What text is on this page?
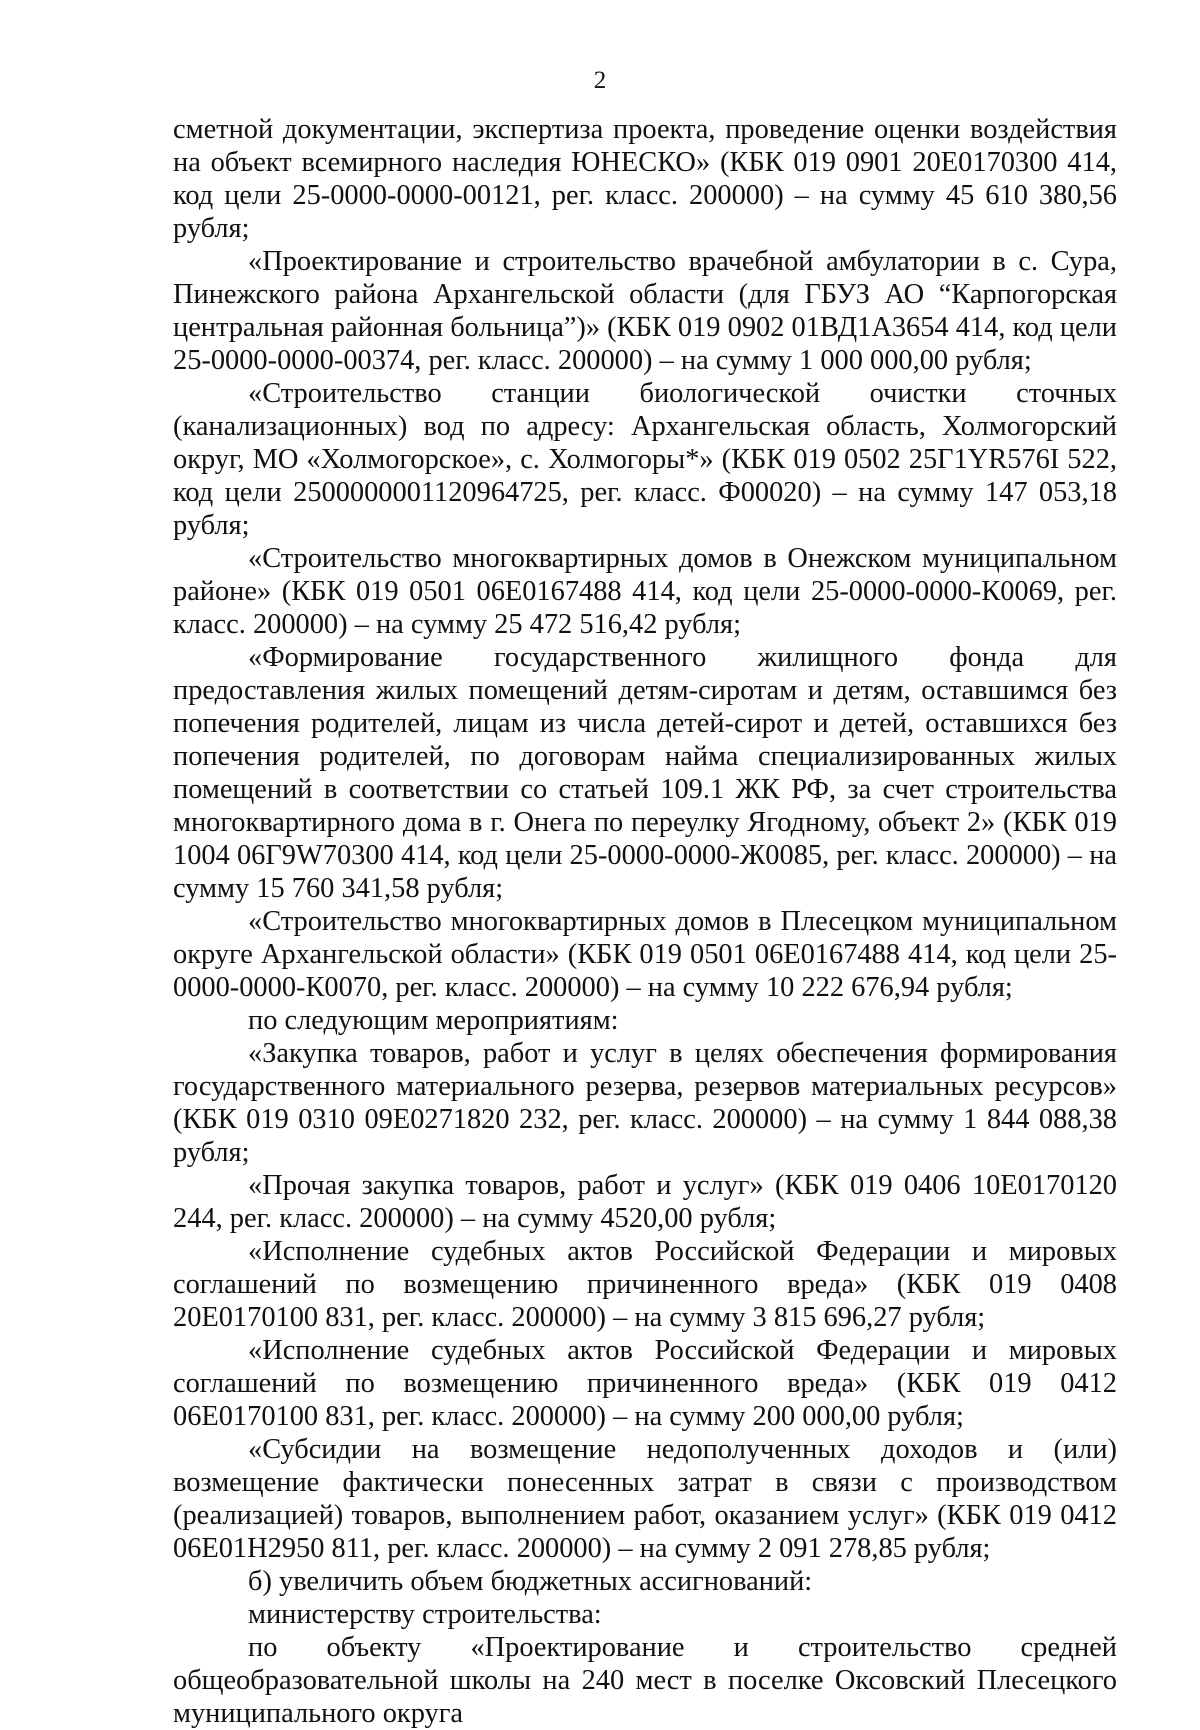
2

сметной документации, экспертиза проекта, проведение оценки воздействия на объект всемирного наследия ЮНЕСКО» (КБК 019 0901 20Е0170300 414, код цели 25-0000-0000-00121, рег. класс. 200000) – на сумму 45 610 380,56 рубля;

«Проектирование и строительство врачебной амбулатории в с. Сура, Пинежского района Архангельской области (для ГБУЗ АО “Карпогорская центральная районная больница”)» (КБК 019 0902 01ВД1А3654 414, код цели 25-0000-0000-00374, рег. класс. 200000) – на сумму 1 000 000,00 рубля;

«Строительство станции биологической очистки сточных (канализационных) вод по адресу: Архангельская область, Холмогорский округ, МО «Холмогорское», с. Холмогоры*» (КБК 019 0502 25Г1YR576I 522, код цели 2500000001120964725, рег. класс. Ф00020) – на сумму 147 053,18 рубля;

«Строительство многоквартирных домов в Онежском муниципальном районе» (КБК 019 0501 06Е0167488 414, код цели 25-0000-0000-К0069, рег. класс. 200000) – на сумму 25 472 516,42 рубля;

«Формирование государственного жилищного фонда для предоставления жилых помещений детям-сиротам и детям, оставшимся без попечения родителей, лицам из числа детей-сирот и детей, оставшихся без попечения родителей, по договорам найма специализированных жилых помещений в соответствии со статьей 109.1 ЖК РФ, за счет строительства многоквартирного дома в г. Онега по переулку Ягодному, объект 2» (КБК 019 1004 06Г9W70300 414, код цели 25-0000-0000-Ж0085, рег. класс. 200000) – на сумму 15 760 341,58 рубля;

«Строительство многоквартирных домов в Плесецком муниципальном округе Архангельской области» (КБК 019 0501 06Е0167488 414, код цели 25-0000-0000-К0070, рег. класс. 200000) – на сумму 10 222 676,94 рубля;

по следующим мероприятиям:

«Закупка товаров, работ и услуг в целях обеспечения формирования государственного материального резерва, резервов материальных ресурсов» (КБК 019 0310 09Е0271820 232, рег. класс. 200000) – на сумму 1 844 088,38 рубля;

«Прочая закупка товаров, работ и услуг» (КБК 019 0406 10Е0170120 244, рег. класс. 200000) – на сумму 4520,00 рубля;

«Исполнение судебных актов Российской Федерации и мировых соглашений по возмещению причиненного вреда» (КБК 019 0408 20Е0170100 831, рег. класс. 200000) – на сумму 3 815 696,27 рубля;

«Исполнение судебных актов Российской Федерации и мировых соглашений по возмещению причиненного вреда» (КБК 019 0412 06Е0170100 831, рег. класс. 200000) – на сумму 200 000,00 рубля;

«Субсидии на возмещение недополученных доходов и (или) возмещение фактически понесенных затрат в связи с производством (реализацией) товаров, выполнением работ, оказанием услуг» (КБК 019 0412 06Е01Н2950 811, рег. класс. 200000) – на сумму 2 091 278,85 рубля;

б) увеличить объем бюджетных ассигнований:

министерству строительства:

по объекту «Проектирование и строительство средней общеобразовательной школы на 240 мест в поселке Оксовский Плесецкого муниципального округа
